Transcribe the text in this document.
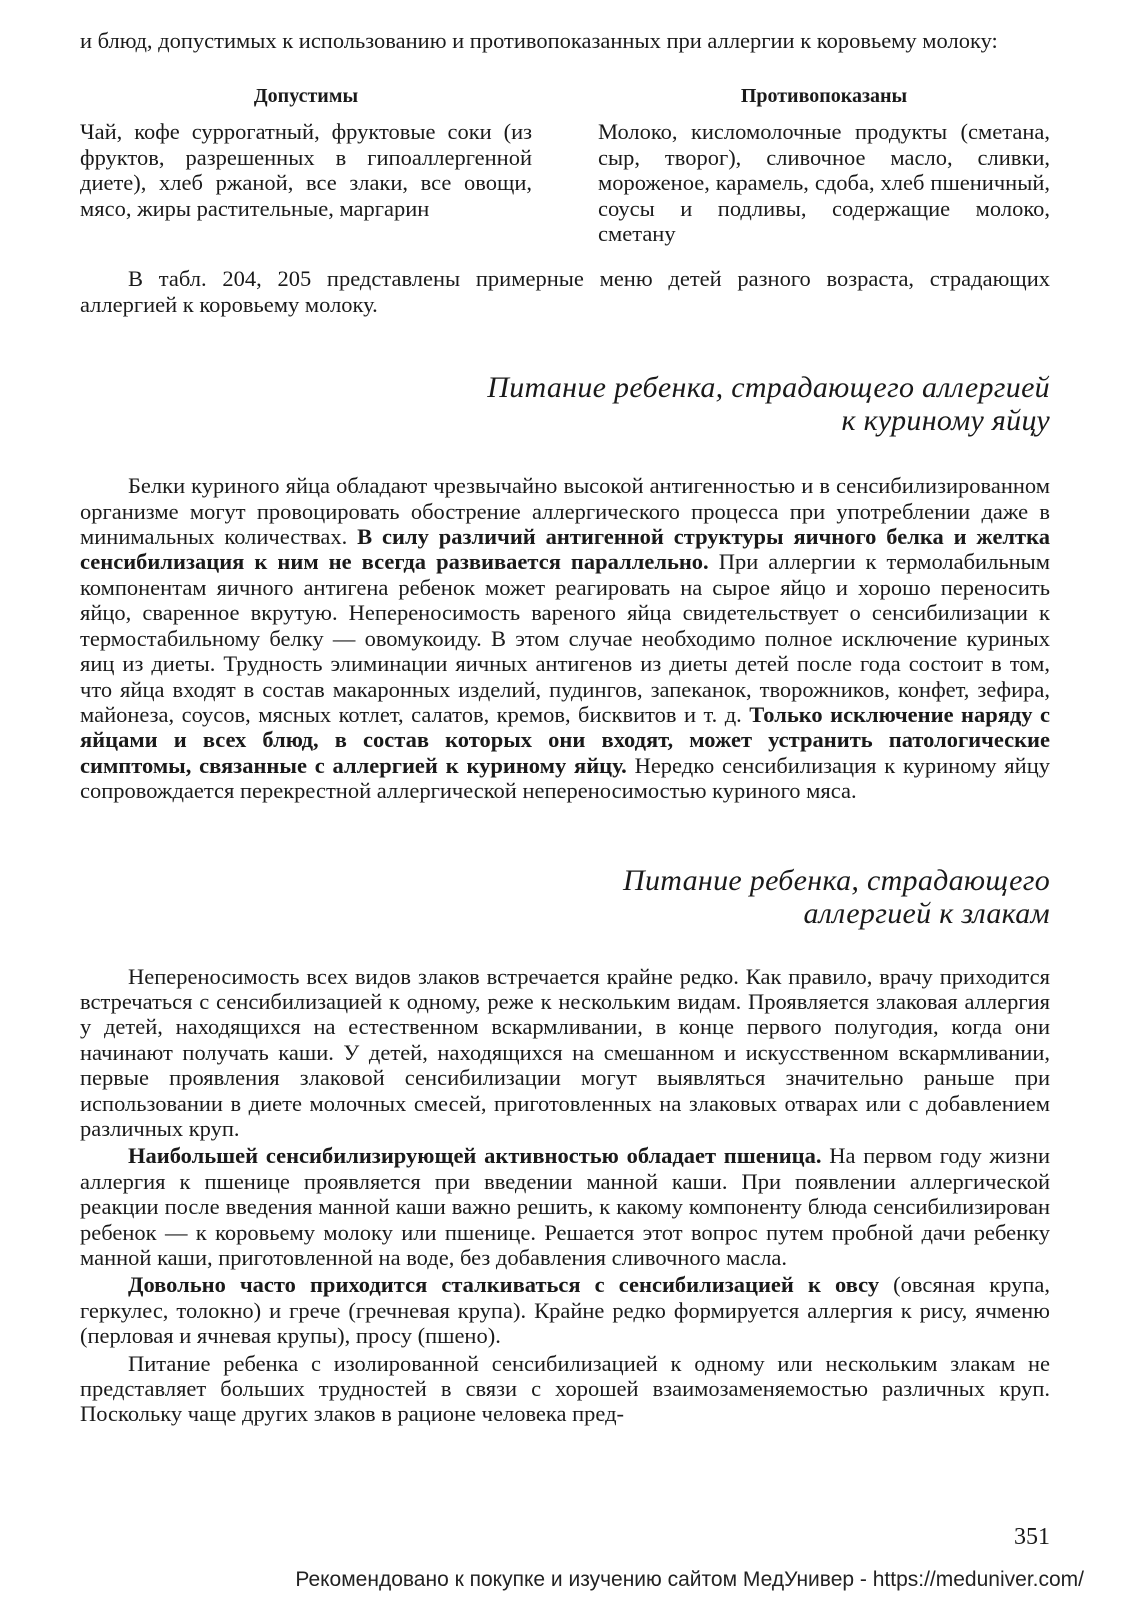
и блюд, допустимых к использованию и противопоказанных при аллергии к коровьему молоку:

Допустимы

Чай, кофе суррогатный, фруктовые соки (из фруктов, разрешенных в гипоаллергенной диете), хлеб ржаной, все злаки, все овощи, мясо, жиры растительные, маргарин

Противопоказаны

Молоко, кисломолочные продукты (сметана, сыр, творог), сливочное масло, сливки, мороженое, карамель, сдоба, хлеб пшеничный, соусы и подливы, содержащие молоко, сметану

В табл. 204, 205 представлены примерные меню детей разного возраста, страдающих аллергией к коровьему молоку.

Питание ребенка, страдающего аллергией
к куриному яйцу

Белки куриного яйца обладают чрезвычайно высокой антигенностью и в сенсибилизированном организме могут провоцировать обострение аллергического процесса при употреблении даже в минимальных количествах. В силу различий антигенной структуры яичного белка и желтка сенсибилизация к ним не всегда развивается параллельно. При аллергии к термолабильным компонентам яичного антигена ребенок может реагировать на сырое яйцо и хорошо переносить яйцо, сваренное вкрутую. Непереносимость вареного яйца свидетельствует о сенсибилизации к термостабильному белку — овомукоиду. В этом случае необходимо полное исключение куриных яиц из диеты. Трудность элиминации яичных антигенов из диеты детей после года состоит в том, что яйца входят в состав макаронных изделий, пудингов, запеканок, творожников, конфет, зефира, майонеза, соусов, мясных котлет, салатов, кремов, бисквитов и т. д. Только исключение наряду с яйцами и всех блюд, в состав которых они входят, может устранить патологические симптомы, связанные с аллергией к куриному яйцу. Нередко сенсибилизация к куриному яйцу сопровождается перекрестной аллергической непереносимостью куриного мяса.

Питание ребенка, страдающего
аллергией к злакам

Непереносимость всех видов злаков встречается крайне редко. Как правило, врачу приходится встречаться с сенсибилизацией к одному, реже к нескольким видам. Проявляется злаковая аллергия у детей, находящихся на естественном вскармливании, в конце первого полугодия, когда они начинают получать каши. У детей, находящихся на смешанном и искусственном вскармливании, первые проявления злаковой сенсибилизации могут выявляться значительно раньше при использовании в диете молочных смесей, приготовленных на злаковых отварах или с добавлением различных круп.

Наибольшей сенсибилизирующей активностью обладает пшеница. На первом году жизни аллергия к пшенице проявляется при введении манной каши. При появлении аллергической реакции после введения манной каши важно решить, к какому компоненту блюда сенсибилизирован ребенок — к коровьему молоку или пшенице. Решается этот вопрос путем пробной дачи ребенку манной каши, приготовленной на воде, без добавления сливочного масла.

Довольно часто приходится сталкиваться с сенсибилизацией к овсу (овсяная крупа, геркулес, толокно) и грече (гречневая крупа). Крайне редко формируется аллергия к рису, ячменю (перловая и ячневая крупы), просу (пшено).

Питание ребенка с изолированной сенсибилизацией к одному или нескольким злакам не представляет больших трудностей в связи с хорошей взаимозаменяемостью различных круп. Поскольку чаще других злаков в рационе человека пред-

351
Рекомендовано к покупке и изучению сайтом МедУнивер - https://meduniver.com/
